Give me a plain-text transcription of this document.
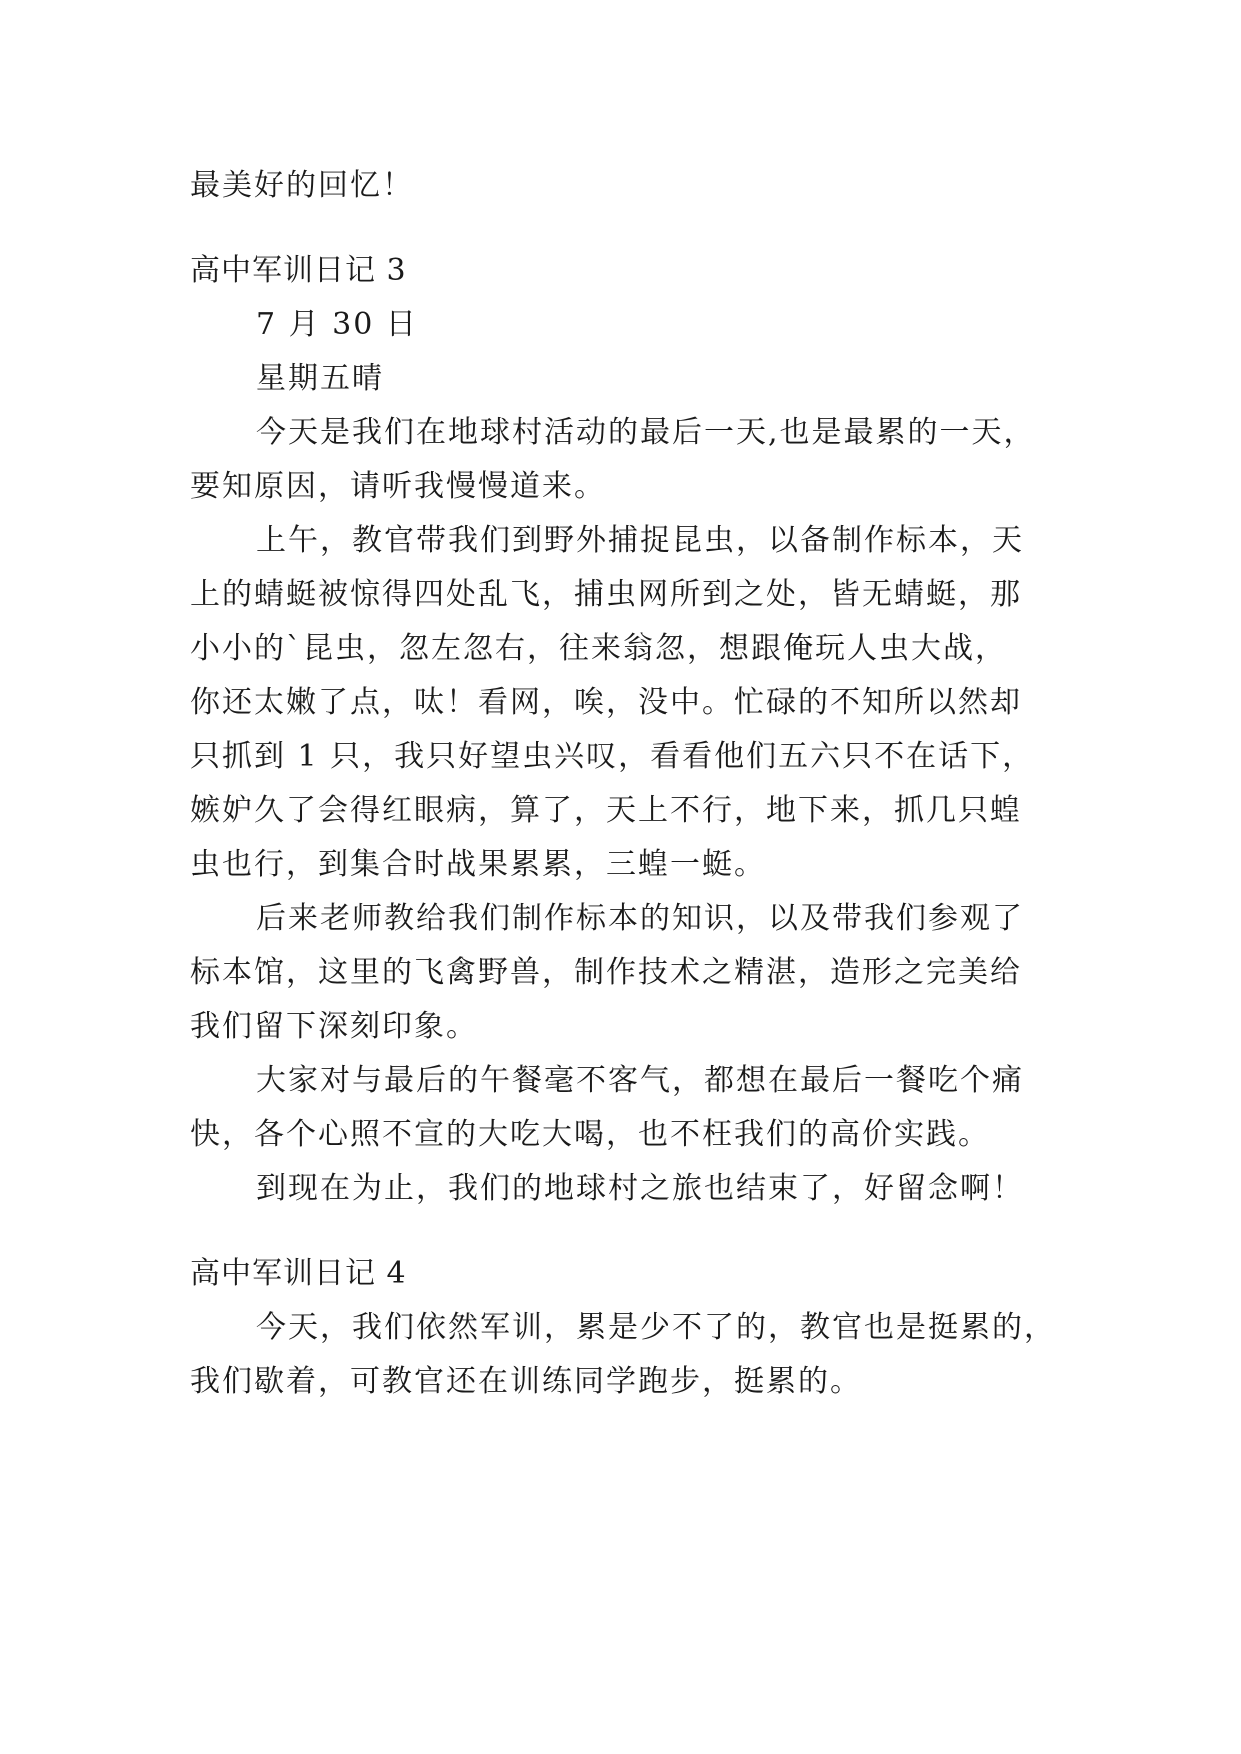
最美好的回忆！
高中军训日记 3
7 月 30 日
星期五晴
今天是我们在地球村活动的最后一天,也是最累的一天，
要知原因，请听我慢慢道来。
上午，教官带我们到野外捕捉昆虫，以备制作标本，天
上的蜻蜓被惊得四处乱飞，捕虫网所到之处，皆无蜻蜓，那
小小的`昆虫，忽左忽右，往来翁忽，想跟俺玩人虫大战，
你还太嫩了点，呔！看网，唉，没中。忙碌的不知所以然却
只抓到 1 只，我只好望虫兴叹，看看他们五六只不在话下，
嫉妒久了会得红眼病，算了，天上不行，地下来，抓几只蝗
虫也行，到集合时战果累累，三蝗一蜓。
后来老师教给我们制作标本的知识，以及带我们参观了
标本馆，这里的飞禽野兽，制作技术之精湛，造形之完美给
我们留下深刻印象。
大家对与最后的午餐毫不客气，都想在最后一餐吃个痛
快，各个心照不宣的大吃大喝，也不枉我们的高价实践。
到现在为止，我们的地球村之旅也结束了，好留念啊！
高中军训日记 4
今天，我们依然军训，累是少不了的，教官也是挺累的，
我们歇着，可教官还在训练同学跑步，挺累的。
